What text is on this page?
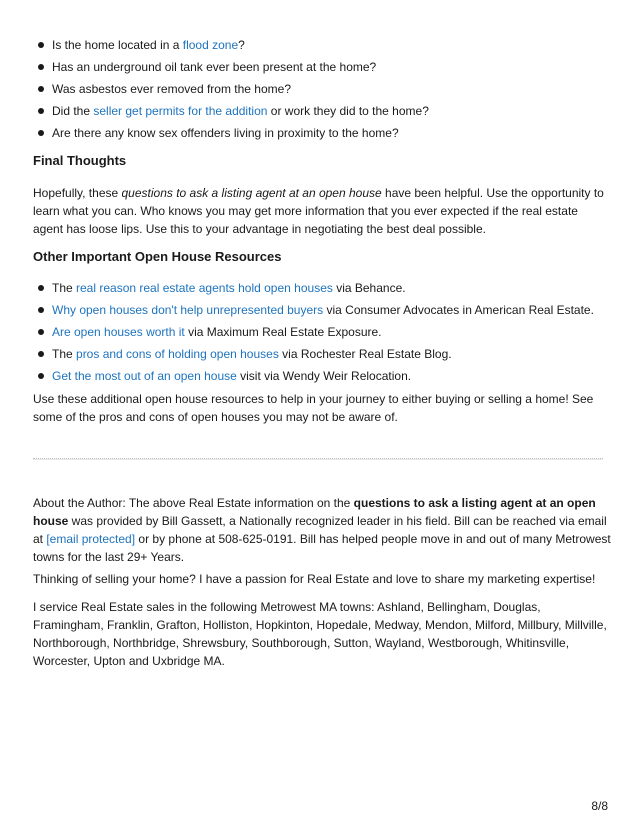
Is the home located in a flood zone?
Has an underground oil tank ever been present at the home?
Was asbestos ever removed from the home?
Did the seller get permits for the addition or work they did to the home?
Are there any know sex offenders living in proximity to the home?
Final Thoughts
Hopefully, these questions to ask a listing agent at an open house have been helpful. Use the opportunity to learn what you can. Who knows you may get more information that you ever expected if the real estate agent has loose lips. Use this to your advantage in negotiating the best deal possible.
Other Important Open House Resources
The real reason real estate agents hold open houses via Behance.
Why open houses don't help unrepresented buyers via Consumer Advocates in American Real Estate.
Are open houses worth it via Maximum Real Estate Exposure.
The pros and cons of holding open houses via Rochester Real Estate Blog.
Get the most out of an open house visit via Wendy Weir Relocation.
Use these additional open house resources to help in your journey to either buying or selling a home! See some of the pros and cons of open houses you may not be aware of.
About the Author: The above Real Estate information on the questions to ask a listing agent at an open house was provided by Bill Gassett, a Nationally recognized leader in his field. Bill can be reached via email at [email protected] or by phone at 508-625-0191. Bill has helped people move in and out of many Metrowest towns for the last 29+ Years.
Thinking of selling your home? I have a passion for Real Estate and love to share my marketing expertise!
I service Real Estate sales in the following Metrowest MA towns: Ashland, Bellingham, Douglas, Framingham, Franklin, Grafton, Holliston, Hopkinton, Hopedale, Medway, Mendon, Milford, Millbury, Millville, Northborough, Northbridge, Shrewsbury, Southborough, Sutton, Wayland, Westborough, Whitinsville, Worcester, Upton and Uxbridge MA.
8/8
